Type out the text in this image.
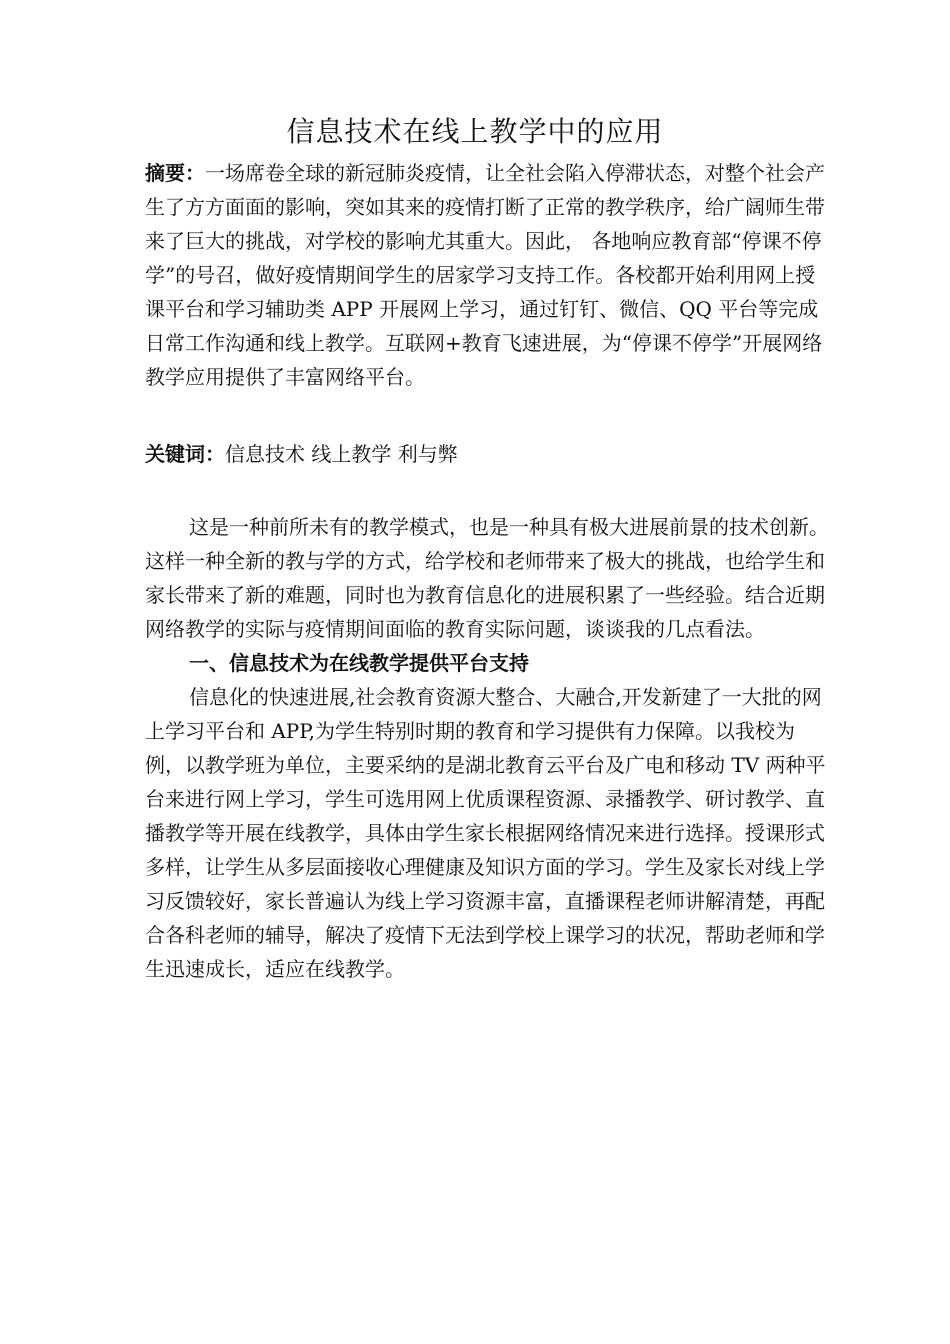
信息技术在线上教学中的应用

摘要：一场席卷全球的新冠肺炎疫情，让全社会陷入停滞状态，对整个社会产生了方方面面的影响，突如其来的疫情打断了正常的教学秩序，给广阔师生带来了巨大的挑战，对学校的影响尤其重大。因此， 各地响应教育部“停课不停学”的号召，做好疫情期间学生的居家学习支持工作。各校都开始利用网上授课平台和学习辅助类 APP 开展网上学习，通过钉钉、微信、QQ 平台等完成日常工作沟通和线上教学。互联网+教育飞速进展，为“停课不停学”开展网络教学应用提供了丰富网络平台。

关键词：信息技术 线上教学 利与弊

这是一种前所未有的教学模式，也是一种具有极大进展前景的技术创新。这样一种全新的教与学的方式，给学校和老师带来了极大的挑战，也给学生和家长带来了新的难题，同时也为教育信息化的进展积累了一些经验。结合近期网络教学的实际与疫情期间面临的教育实际问题，谈谈我的几点看法。

一、信息技术为在线教学提供平台支持

信息化的快速进展,社会教育资源大整合、大融合,开发新建了一大批的网上学习平台和 APP,为学生特别时期的教育和学习提供有力保障。以我校为例，以教学班为单位，主要采纳的是湖北教育云平台及广电和移动 TV 两种平台来进行网上学习，学生可选用网上优质课程资源、录播教学、研讨教学、直播教学等开展在线教学，具体由学生家长根据网络情况来进行选择。授课形式多样，让学生从多层面接收心理健康及知识方面的学习。学生及家长对线上学习反馈较好，家长普遍认为线上学习资源丰富，直播课程老师讲解清楚，再配合各科老师的辅导，解决了疫情下无法到学校上课学习的状况，帮助老师和学生迅速成长，适应在线教学。
